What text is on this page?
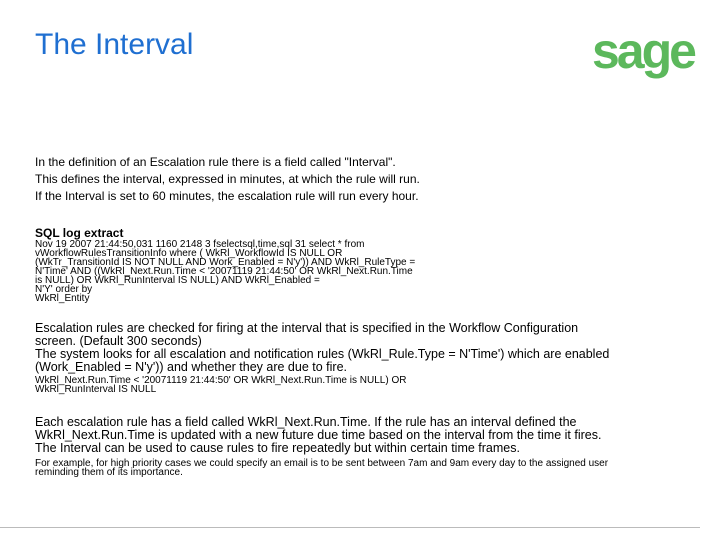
The Interval	sage
In the definition of an Escalation rule there is a field called "Interval".
This defines the interval, expressed in minutes, at which the rule will run.
If the Interval is set to 60 minutes, the escalation rule will run every hour.
SQL log extract
Nov 19 2007 21:44:50,031 1160 2148 3 fselectsql,time,sql 31 select * from
vWorkflowRulesTransitionInfo where ( WkRl_WorkflowId IS NULL OR
(WkTr_TransitionId IS NOT NULL AND Work_Enabled = N'y')) AND WkRl_RuleType =
N'Time' AND ((WkRl_Next.Run.Time < '20071119 21:44:50' OR WkRl_Next.Run.Time
is NULL) OR WkRl_RunInterval IS NULL) AND WkRl_Enabled =
N'Y' order by
WkRl_Entity
Escalation rules are checked for firing at the interval that is specified in the Workflow Configuration
screen. (Default 300 seconds)
The system looks for all escalation and notification rules (WkRl_Rule.Type = N'Time') which are enabled
(Work_Enabled = N'y')) and whether they are due to fire.
WkRl_Next.Run.Time < '20071119 21:44:50' OR WkRl_Next.Run.Time is NULL) OR
WkRl_RunInterval IS NULL
Each escalation rule has a field called WkRl_Next.Run.Time. If the rule has an interval defined the
WkRl_Next.Run.Time is updated with a new future due time based on the interval from the time it fires.
The Interval can be used to cause rules to fire repeatedly but within certain time frames.
For example, for high priority cases we could specify an email is to be sent between 7am and 9am every day to the assigned user
reminding them of its importance.
